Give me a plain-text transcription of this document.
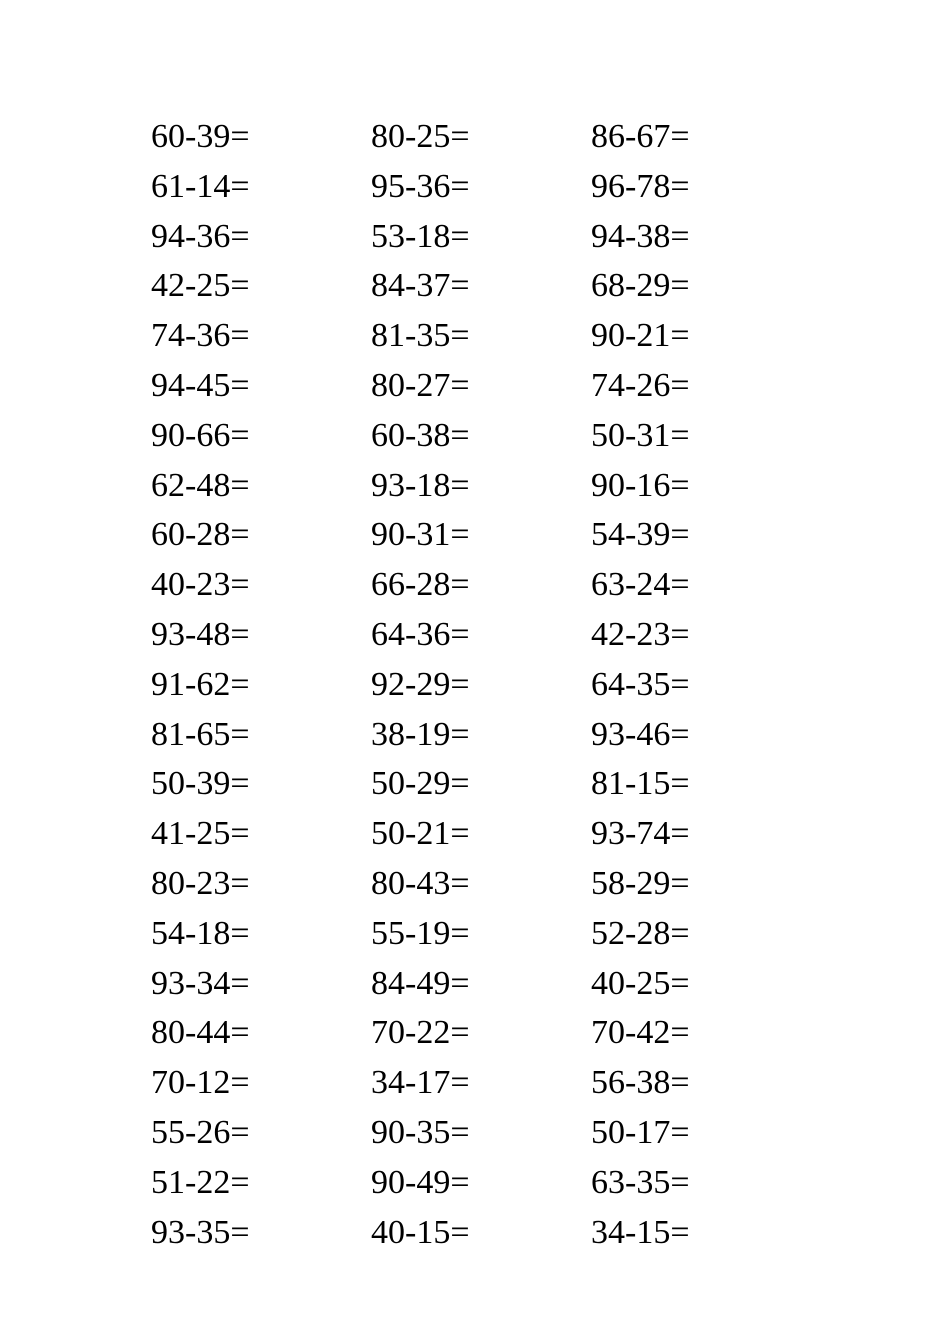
60-39=	80-25=	86-67=
61-14=	95-36=	96-78=
94-36=	53-18=	94-38=
42-25=	84-37=	68-29=
74-36=	81-35=	90-21=
94-45=	80-27=	74-26=
90-66=	60-38=	50-31=
62-48=	93-18=	90-16=
60-28=	90-31=	54-39=
40-23=	66-28=	63-24=
93-48=	64-36=	42-23=
91-62=	92-29=	64-35=
81-65=	38-19=	93-46=
50-39=	50-29=	81-15=
41-25=	50-21=	93-74=
80-23=	80-43=	58-29=
54-18=	55-19=	52-28=
93-34=	84-49=	40-25=
80-44=	70-22=	70-42=
70-12=	34-17=	56-38=
55-26=	90-35=	50-17=
51-22=	90-49=	63-35=
93-35=	40-15=	34-15=
